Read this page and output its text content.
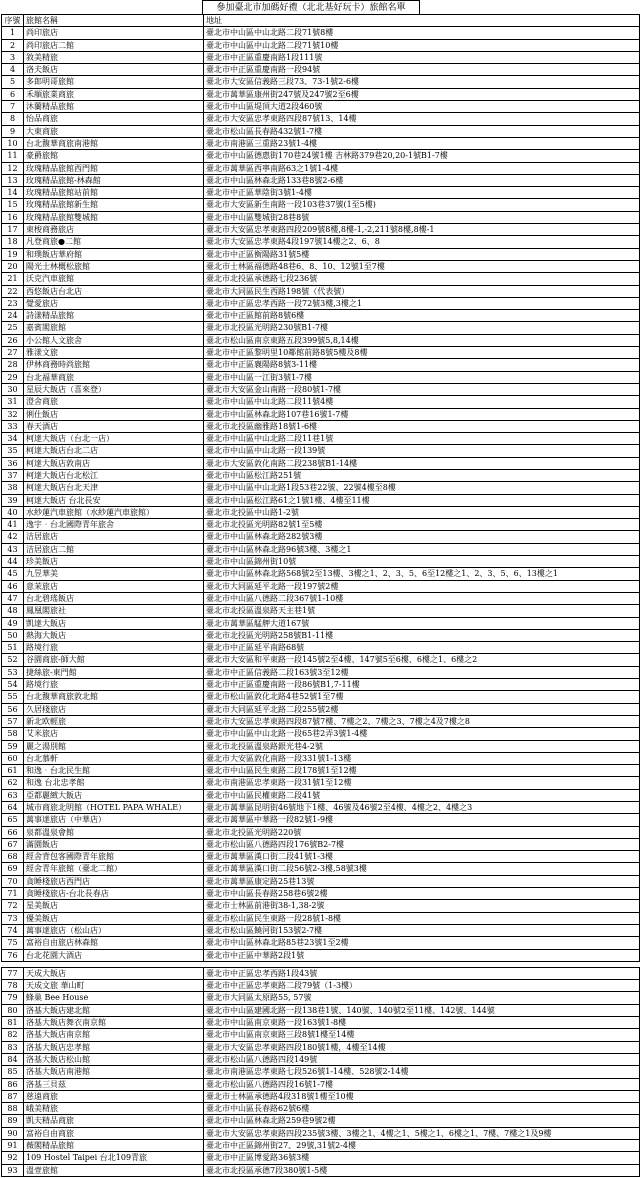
參加臺北市加碼好禮（北北基好玩卡）旅館名單
序號	旅館名稱	地址
1	尚印旅店	臺北市中山區中山北路二段71號8樓
2	尚印旅店二館	臺北市中山區中山北路二段71號10樓
3	敘美精旅	臺北市中正區重慶南路1段111號
4	洛夫飯店	臺北市中正區重慶南路一段94號
5	多郎明哥旅館	臺北市大安區信義路三段73、73-1號2-6樓
6	禾順旅業商旅	臺北市萬華區康州街247號及247號2至6樓
7	沐蘭精品旅館	臺北市中山區堤頂大道2段460號
8	怡品商旅	臺北市大安區忠孝東路四段87號13、14樓
9	大東商旅	臺北市松山區長春路432號1-7樓
10	台北馥華商旅南港館	臺北市南港區三重路23號1-4樓
11	豪爵旅館	臺北市中山區德惠街170巷24號1樓 吉林路379巷20,20-1號B1-7樓
12	玫瑰精品旅館西門館	臺北市萬華區西寧南路63之1號1-4樓
13	玫瑰精品旅館-林森館	臺北市中山區林森北路133巷8號2-6樓
14	玫瑰精品旅館站前館	臺北市中正區華陰街3號1-4樓
15	玫瑰精品旅館新生館	臺北市大安區新生南路一段103巷37號(1至5樓)
16	玫瑰精品旅館雙城館	臺北市中山區雙城街28巷8號
17	東梭商務旅店	臺北市大安區忠孝東路四段209號8樓,8樓-1,-2,211號8樓,8樓-1
18	凡登商旅●二館	臺北市大安區忠孝東路4段197號14樓之2、6、8
19	和璞飯店華府館	臺北市中正區衡陽路31號5樓
20	陽光士林概松旅館	臺北市士林區福德路48巷6、8、10、12號1至7樓
21	沃克汽車旅館	臺北市北投區承德路七段236號
22	西悠飯店台北店	臺北市大同區民生西路198號（代表號）
23	覺愛旅店	臺北市中正區忠孝西路一段72號3樓,3樓之1
24	詩漾精品旅館	臺北市中正區館前路8號6樓
25	嘉賓閣旅館	臺北市北投區光明路230號B1-7樓
26	小公館人文旅舍	臺北市松山區南京東路五段399號5,8,14樓
27	雅漾文旅	臺北市中正區黎明里10鄰館前路8號5樓及8樓
28	伊林商務時尚旅館	臺北市中正區襄陽路8號3-11樓
29	台北福華商旅	臺北市中山區一江街3號1-7樓
30	星辰大飯店（喜來登）	臺北市大安區金山南路一段80號1-7樓
31	澄舍商旅	臺北市中山區中山北路二段11號4樓
32	俐仕飯店	臺北市中山區林森北路107巷16號1-7樓
33	春天酒店	臺北市北投區幽雅路18號1-6樓
34	柯達大飯店（台北一店）	臺北市中山區中山北路二段11巷1號
35	柯達大飯店台北二店	臺北市中山區中山北路一段139號
36	柯達大飯店敦南店	臺北市大安區敦化南路二段238號B1-14樓
37	柯達大飯店台北松江	臺北市中山區松江路251號
38	柯達大飯店台北天津	臺北市中山區中山北路1段53巷22號、22號4樓至8樓
39	柯達大飯店 台北長安	臺北市中山區松江路61之1號1樓、4樓至11樓
40	水紗蓮汽車旅館（水紗蓮汽車旅館）	臺北市北投區中山路1-2號
41	逸宇‧台北國際青年旅舍	臺北市北投區光明路82號1至5樓
42	洁居旅店	臺北市中山區林森北路282號3樓
43	洁居旅店二館	臺北市中山區林森北路96號3樓、3樓之1
44	珍美飯店	臺北市中山區錦州街10號
45	九昱華美	臺北市中山區林森北路568號2至13樓、3樓之1、2、3、5、6至12樓之1、2、3、5、6、13樓之1
46	意茉旅店	臺北市大同區延平北路一段197號2樓
47	台北碧瑤飯店	臺北市中山區八德路二段367號1-10樓
48	鳳凰閣旅社	臺北市北投區溫泉路天主巷1號
49	凱達大飯店	臺北市萬華區艋舺大道167號
50	熱海大飯店	臺北市北投區光明路258號B1-11樓
51	路境行旅	臺北市中正區延平南路68號
52	谷園商旅-師大館	臺北市大安區和平東路一段145號2至4樓、147號5至6樓、6樓之1、6樓之2
53	捷絲旅-東門館	臺北市中正區信義路二段163號3至12樓
54	路境行旅	臺北市中正區重慶南路一段86號B1,7-11樓
55	台北馥華商旅敦北館	臺北市松山區敦化北路4巷52號1至7樓
56	久居棧旅店	臺北市大同區延平北路二段255號2樓
57	新北欧輕旅	臺北市大安區忠孝東路四段87號7樓、7樓之2、7樓之3、7樓之4及7樓之8
58	艾米旅店	臺北市中山區中山北路一段65巷2弄3號1-4樓
59	麗之湯別館	臺北市北投區溫泉路銀光巷4-2號
60	台北慕軒	臺北市大安區敦化南路一段331號1-13樓
61	和逸‧台北民生館	臺北市中山區民生東路二段178號1至12樓
62	和逸 台北忠孝館	臺北市南港區忠孝東路一段31號1至12樓
63	亞都麗緻大飯店	臺北市中山區民權東路二段41號
64	城市商旅北明館（HOTEL PAPA WHALE）	臺北市萬華區昆明街46號地下1樓、46號及46號2至4樓、4樓之2、4樓之3
65	萬事達旅店（中華店）	臺北市萬華區中華路一段82號1-9樓
66	泉都溫泉會館	臺北市北投區光明路220號
67	滿園飯店	臺北市松山區八德路四段176號B2-7樓
68	經舍背包客國際青年旅館	臺北市萬華區漢口街二段41號1-3樓
69	經舍青年旅館（臺北二館）	臺北市萬華區漢口街二段56號2-3樓,58號3樓
70	貪睡棧旅店西門店	臺北市萬華區康定路25巷13號
71	貪睡棧旅店-台北長春店	臺北市中山區長春路258巷6號2樓
72	星美飯店	臺北市士林區前港街38-1,38-2號
73	優美飯店	臺北市松山區民生東路一段28號1-8樓
74	萬事達旅店（松山店）	臺北市松山區饒河街153號2-7樓
75	富裕自由旅店林森館	臺北市中山區林森北路85巷23號1至2樓
76	台北花園大酒店	臺北市中正區中華路2段1號

77	天成大飯店	臺北市中正區忠孝西路1段43號
78	天成文旅 華山町	臺北市中正區忠孝東路二段79號（1-3樓）
79	蜂巢 Bee House	臺北市大同區太原路55, 57號
80	洛基大飯店建北館	臺北市中山區建國北路一段138巷1號、140號、140號2至11樓、142號、144號
81	洛基大飯店舞衣南京館	臺北市中山區南京東路一段163號1-8樓
82	洛基大飯店南京館	臺北市中山區南京東路三段8號1樓至14樓
83	洛基大飯店忠孝館	臺北市大安區忠孝東路四段180號1樓，4樓至14樓
84	洛基大飯店松山館	臺北市松山區八德路四段149號
85	洛基大飯店南港館	臺北市南港區忠孝東路七段526號1-14樓、528號2-14樓
86	洛基三貝茲	臺北市松山區八德路四段16號1-7樓
87	慈遠商旅	臺北市士林區承德路4段318號1樓至10樓
88	峨美精旅	臺北市中山區長春路62號6樓
89	凱夫精品商旅	臺北市中山區林森北路259巷9號2樓
90	富裕自由商旅	臺北市大安區忠孝東路四段235號3樓、3樓之1、4樓之1、5樓之1、6樓之1、7樓、7樓之1及9樓
91	薇閣精品旅館	臺北市中正區錦州街27、29號,31號2-4樓
92	109 Hostel Taipei 台北109青旅	臺北市中正區博愛路36號3樓
93	溫壹旅館	臺北市北投區承德7段380號1-5樓
